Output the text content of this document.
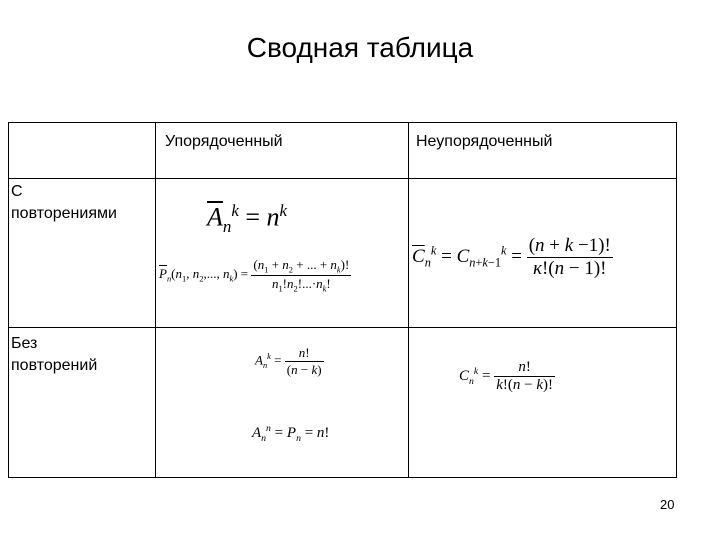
Сводная таблица
Упорядоченный	Неупорядоченный
С
повторениями
Без
повторений
$\overline{A}_n^k = n^k$
$\overline{P}_n(n_1$, $n_2$,..., $n_k) = \frac{(n_1 + n_2 + ... + n_k)!}{n_1!n_2!...\cdot n_k!}$
$\overline{C}_n^k = C_{n+k-1}^k = \frac{(n + k -1)!}{к!(n - 1)!}$
$A_n^k = \frac{n!}{(n - k)}$
$A_n^n = P_n = n$!
$C_n^k = \frac{n!}{k!(n - k)!}$
20
